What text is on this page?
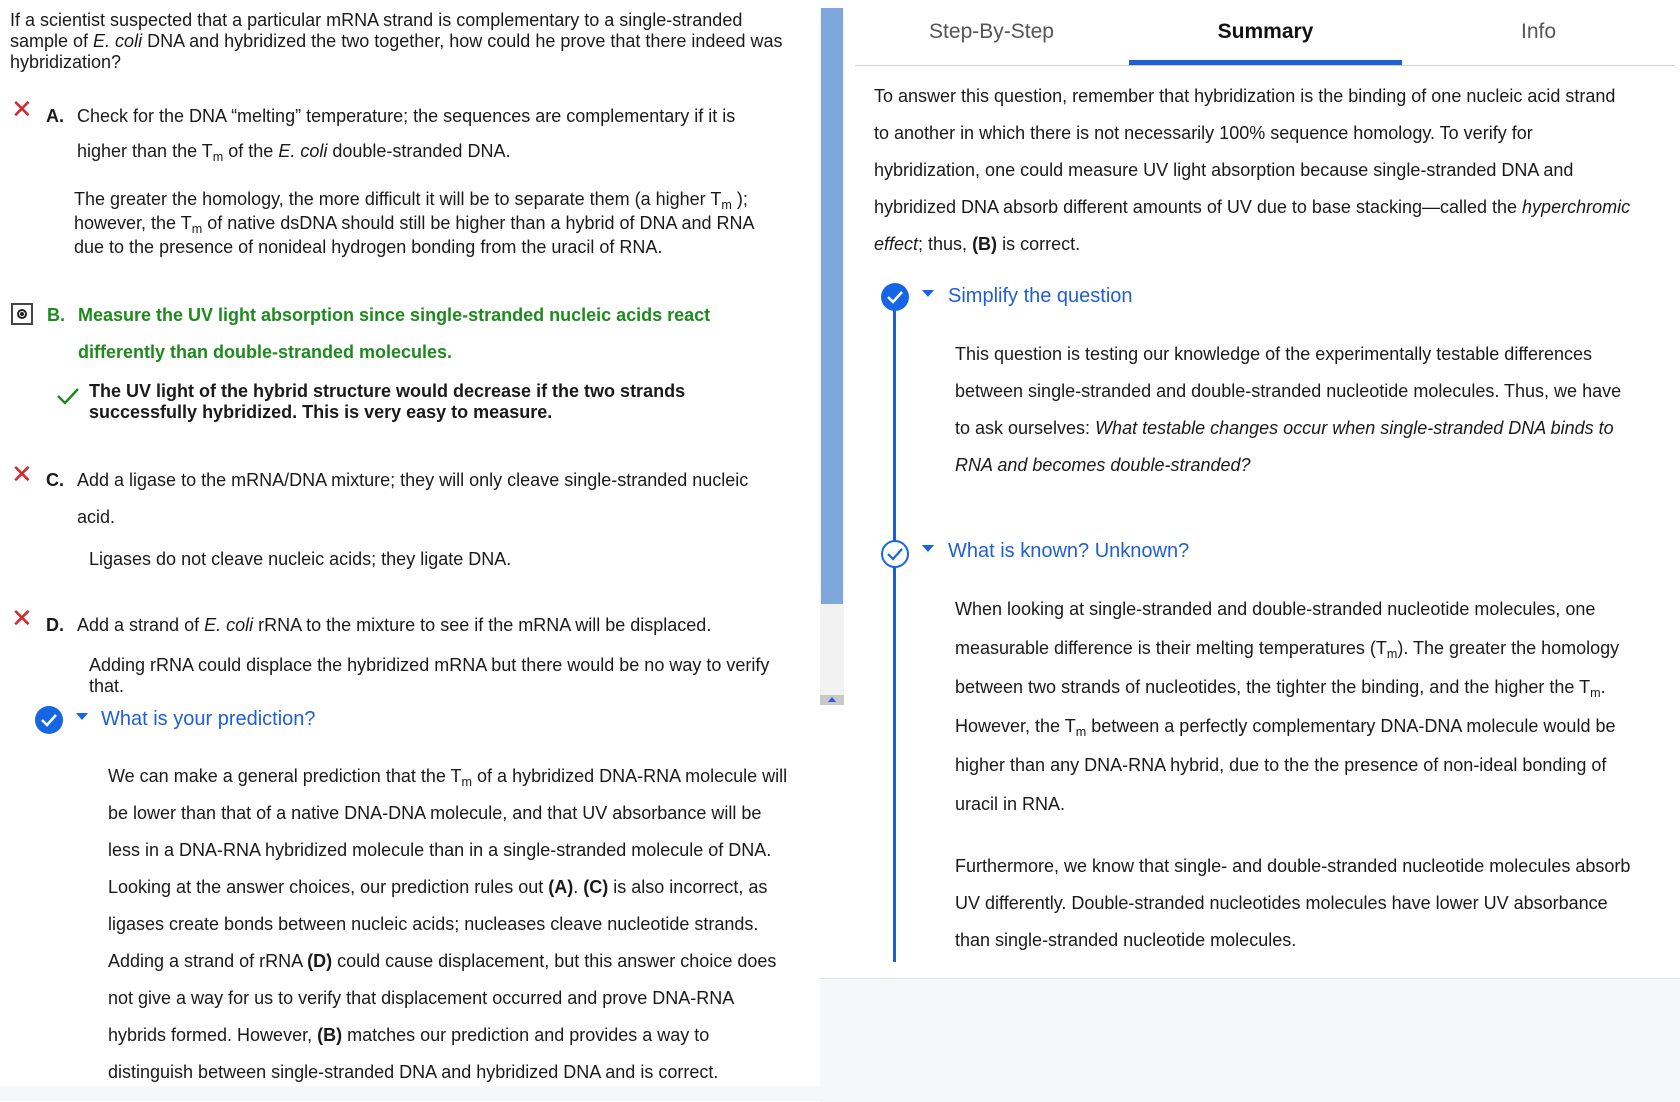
If a scientist suspected that a particular mRNA strand is complementary to a single-stranded
sample of E. coli DNA and hybridized the two together, how could he prove that there indeed was
hybridization?
✕ A. Check for the DNA “melting” temperature; the sequences are complementary if it is
higher than the $T_m$ of the E. coli double-stranded DNA.
The greater the homology, the more difficult it will be to separate them (a higher $T_m$ );
however, the $T_m$ of native dsDNA should still be higher than a hybrid of DNA and RNA
due to the presence of nonideal hydrogen bonding from the uracil of RNA.
B. Measure the UV light absorption since single-stranded nucleic acids react
differently than double-stranded molecules.
The UV light of the hybrid structure would decrease if the two strands
successfully hybridized. This is very easy to measure.
✕ C. Add a ligase to the mRNA/DNA mixture; they will only cleave single-stranded nucleic
acid.
Ligases do not cleave nucleic acids; they ligate DNA.
✕ D. Add a strand of E. coli rRNA to the mixture to see if the mRNA will be displaced.
Adding rRNA could displace the hybridized mRNA but there would be no way to verify
that.
What is your prediction?
We can make a general prediction that the $T_m$ of a hybridized DNA-RNA molecule will
be lower than that of a native DNA-DNA molecule, and that UV absorbance will be
less in a DNA-RNA hybridized molecule than in a single-stranded molecule of DNA.
Looking at the answer choices, our prediction rules out (A). (C) is also incorrect, as
ligases create bonds between nucleic acids; nucleases cleave nucleotide strands.
Adding a strand of rRNA (D) could cause displacement, but this answer choice does
not give a way for us to verify that displacement occurred and prove DNA-RNA
hybrids formed. However, (B) matches our prediction and provides a way to
distinguish between single-stranded DNA and hybridized DNA and is correct.
Step-By-Step	Summary	Info
To answer this question, remember that hybridization is the binding of one nucleic acid strand
to another in which there is not necessarily 100% sequence homology. To verify for
hybridization, one could measure UV light absorption because single-stranded DNA and
hybridized DNA absorb different amounts of UV due to base stacking—called the hyperchromic
effect; thus, (B) is correct.
Simplify the question
This question is testing our knowledge of the experimentally testable differences
between single-stranded and double-stranded nucleotide molecules. Thus, we have
to ask ourselves: What testable changes occur when single-stranded DNA binds to
RNA and becomes double-stranded?
What is known? Unknown?
When looking at single-stranded and double-stranded nucleotide molecules, one
measurable difference is their melting temperatures $(T_m)$. The greater the homology
between two strands of nucleotides, the tighter the binding, and the higher the $T_m$.
However, the $T_m$ between a perfectly complementary DNA-DNA molecule would be
higher than any DNA-RNA hybrid, due to the the presence of non-ideal bonding of
uracil in RNA.
Furthermore, we know that single- and double-stranded nucleotide molecules absorb
UV differently. Double-stranded nucleotides molecules have lower UV absorbance
than single-stranded nucleotide molecules.
